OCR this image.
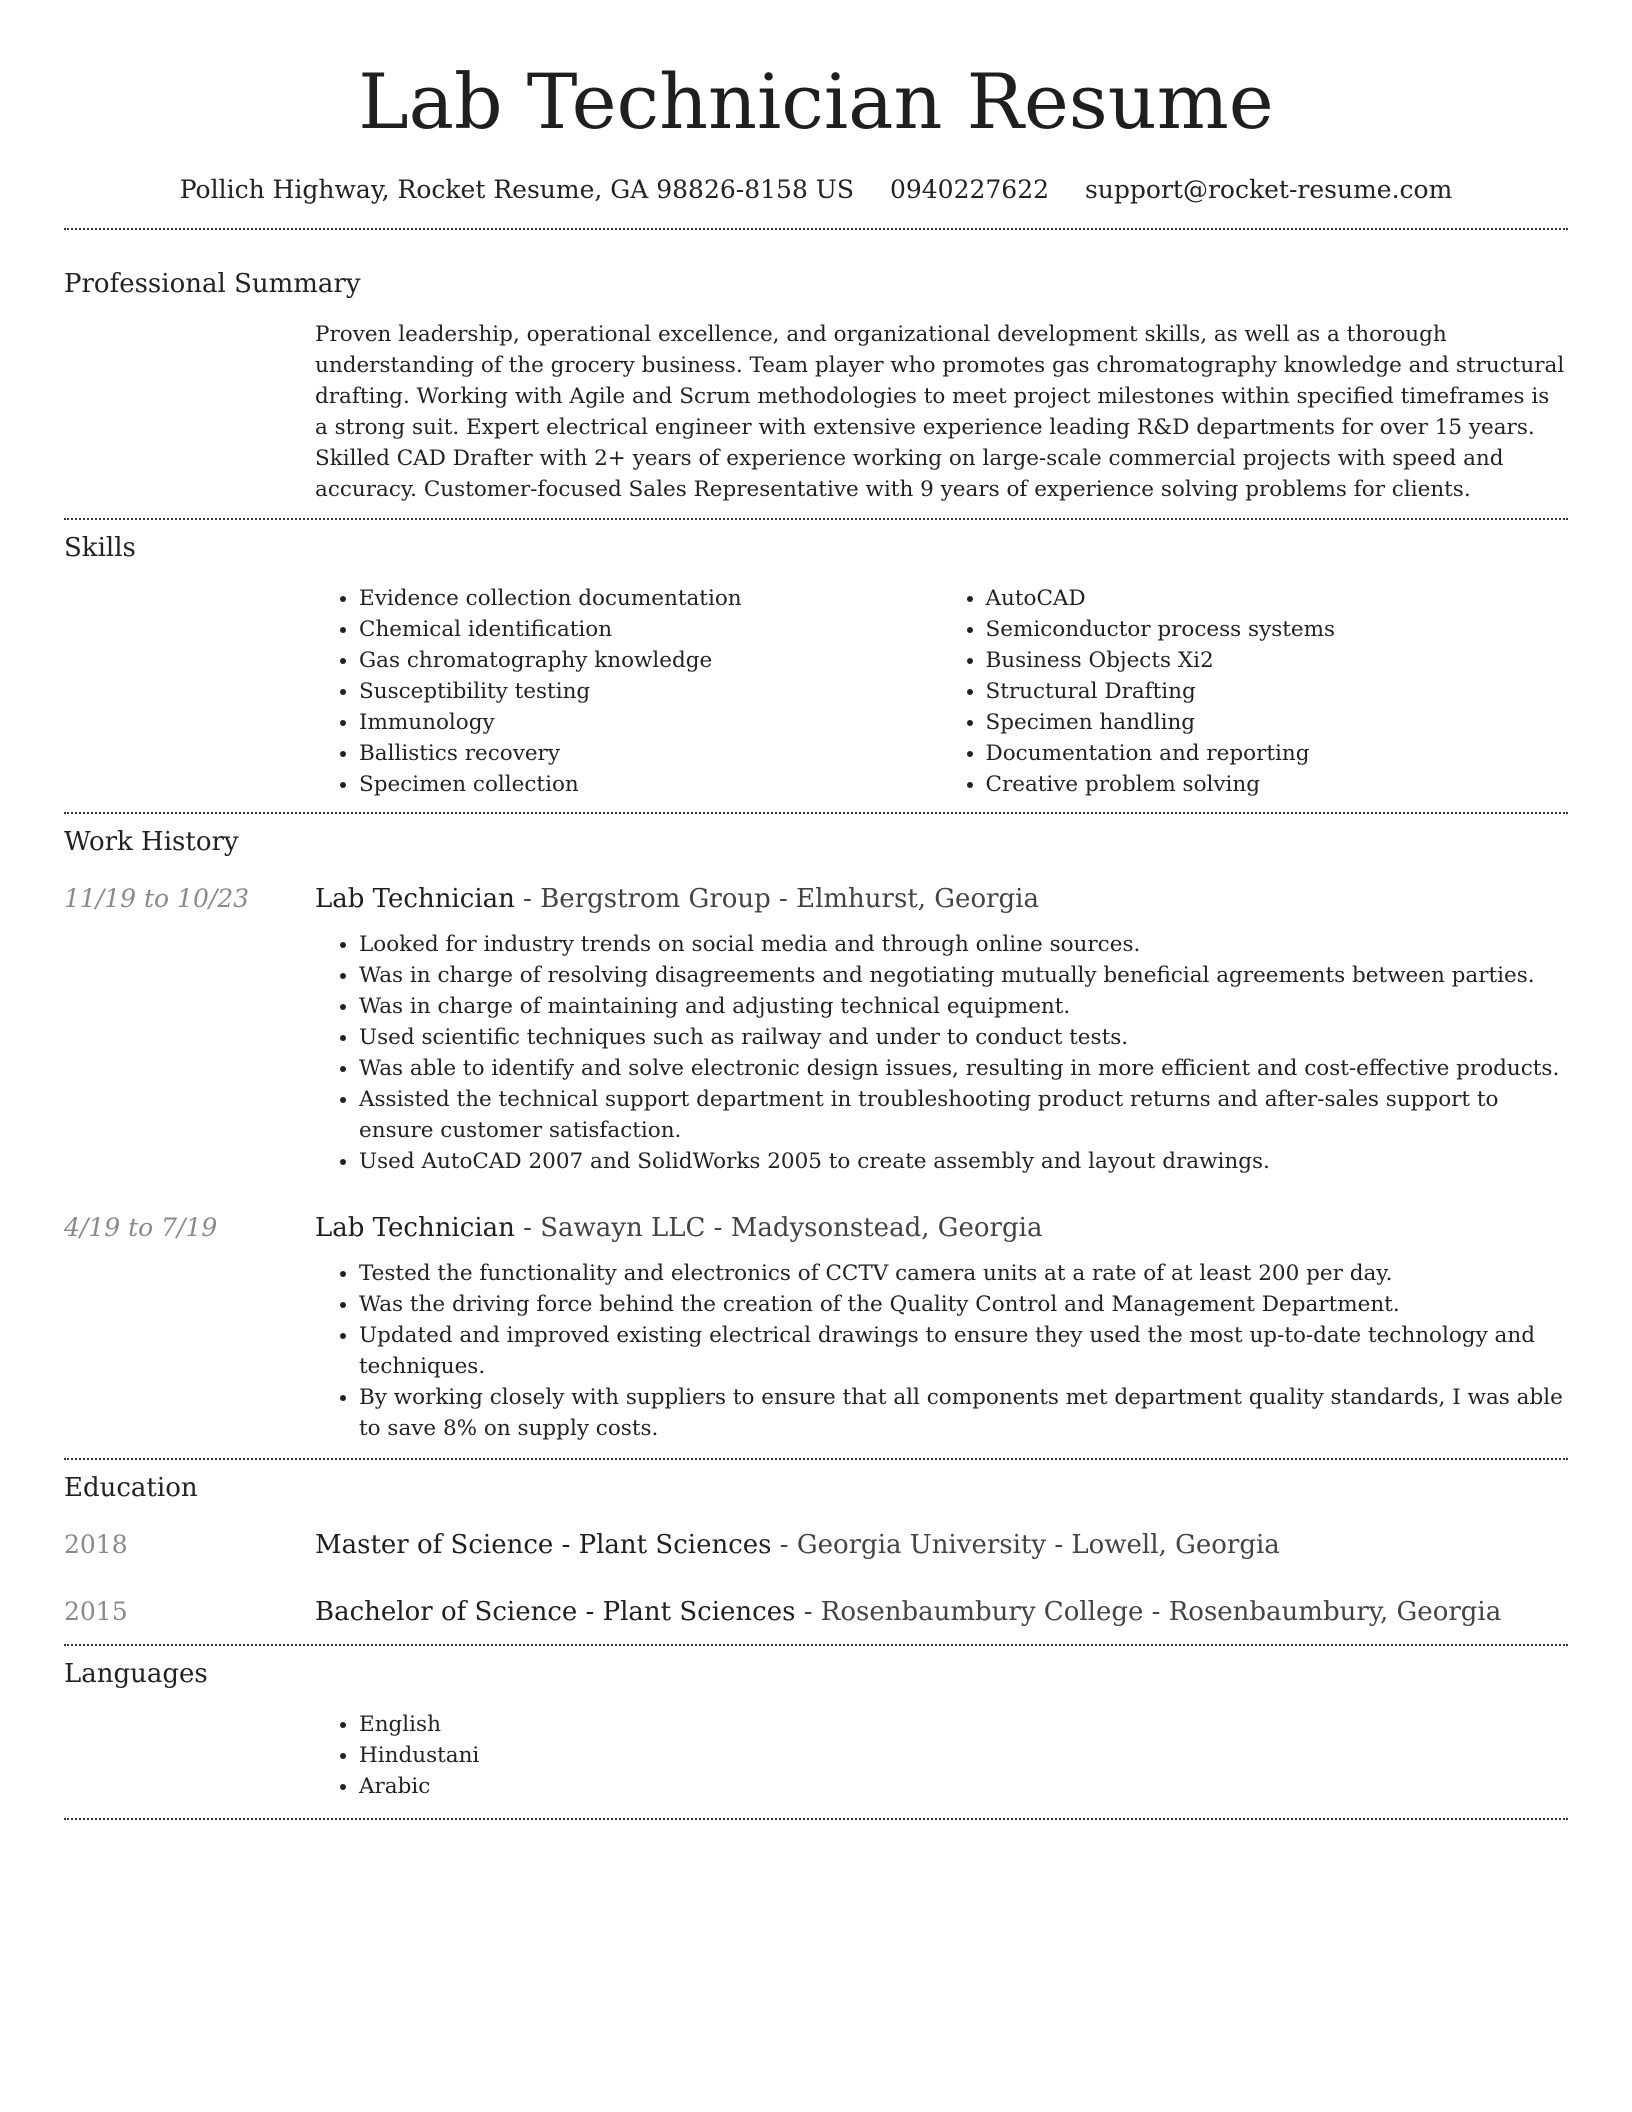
Lab Technician Resume
Pollich Highway, Rocket Resume, GA 98826-8158 US 0940227622 support@rocket-resume.com
Professional Summary
Proven leadership, operational excellence, and organizational development skills, as well as a thorough understanding of the grocery business. Team player who promotes gas chromatography knowledge and structural drafting. Working with Agile and Scrum methodologies to meet project milestones within specified timeframes is a strong suit. Expert electrical engineer with extensive experience leading R&D departments for over 15 years. Skilled CAD Drafter with 2+ years of experience working on large-scale commercial projects with speed and accuracy. Customer-focused Sales Representative with 9 years of experience solving problems for clients.
Skills
• Evidence collection documentation
• Chemical identification
• Gas chromatography knowledge
• Susceptibility testing
• Immunology
• Ballistics recovery
• Specimen collection
• AutoCAD
• Semiconductor process systems
• Business Objects Xi2
• Structural Drafting
• Specimen handling
• Documentation and reporting
• Creative problem solving
Work History
11/19 to 10/23	Lab Technician - Bergstrom Group - Elmhurst, Georgia
• Looked for industry trends on social media and through online sources.
• Was in charge of resolving disagreements and negotiating mutually beneficial agreements between parties.
• Was in charge of maintaining and adjusting technical equipment.
• Used scientific techniques such as railway and under to conduct tests.
• Was able to identify and solve electronic design issues, resulting in more efficient and cost-effective products.
• Assisted the technical support department in troubleshooting product returns and after-sales support to ensure customer satisfaction.
• Used AutoCAD 2007 and SolidWorks 2005 to create assembly and layout drawings.
4/19 to 7/19	Lab Technician - Sawayn LLC - Madysonstead, Georgia
• Tested the functionality and electronics of CCTV camera units at a rate of at least 200 per day.
• Was the driving force behind the creation of the Quality Control and Management Department.
• Updated and improved existing electrical drawings to ensure they used the most up-to-date technology and techniques.
• By working closely with suppliers to ensure that all components met department quality standards, I was able to save 8% on supply costs.
Education
2018	Master of Science - Plant Sciences - Georgia University - Lowell, Georgia
2015	Bachelor of Science - Plant Sciences - Rosenbaumbury College - Rosenbaumbury, Georgia
Languages
• English
• Hindustani
• Arabic
